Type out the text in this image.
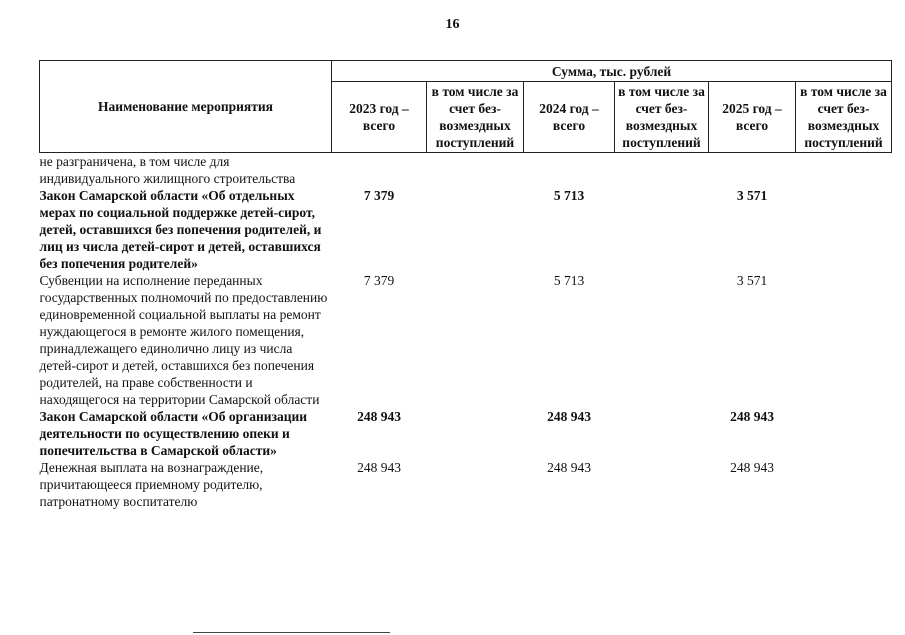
16
Наименование мероприятия	Сумма, тыс. рублей					
	2023 год – всего	в том числе за счет безвозмездных поступлений	2024 год – всего	в том числе за счет безвозмездных поступлений	2025 год – всего	в том числе за счет безвозмездных поступлений
не разграничена, в том числе для индивидуального жилищного строительства						
Закон Самарской области «Об отдельных мерах по социальной поддержке детей-сирот, детей, оставшихся без попечения родителей, и лиц из числа детей-сирот и детей, оставшихся без попечения родителей»	7 379		5 713		3 571	
Субвенции на исполнение переданных государственных полномочий по предоставлению единовременной социальной выплаты на ремонт нуждающегося в ремонте жилого помещения, принадлежащего единолично лицу из числа детей-сирот и детей, оставшихся без попечения родителей, на праве собственности и находящегося на территории Самарской области	7 379		5 713		3 571	
Закон Самарской области «Об организации деятельности по осуществлению опеки и попечительства в Самарской области»	248 943		248 943		248 943	
Денежная выплата на вознаграждение, причитающееся приемному родителю, патронатному воспитателю	248 943		248 943		248 943	
